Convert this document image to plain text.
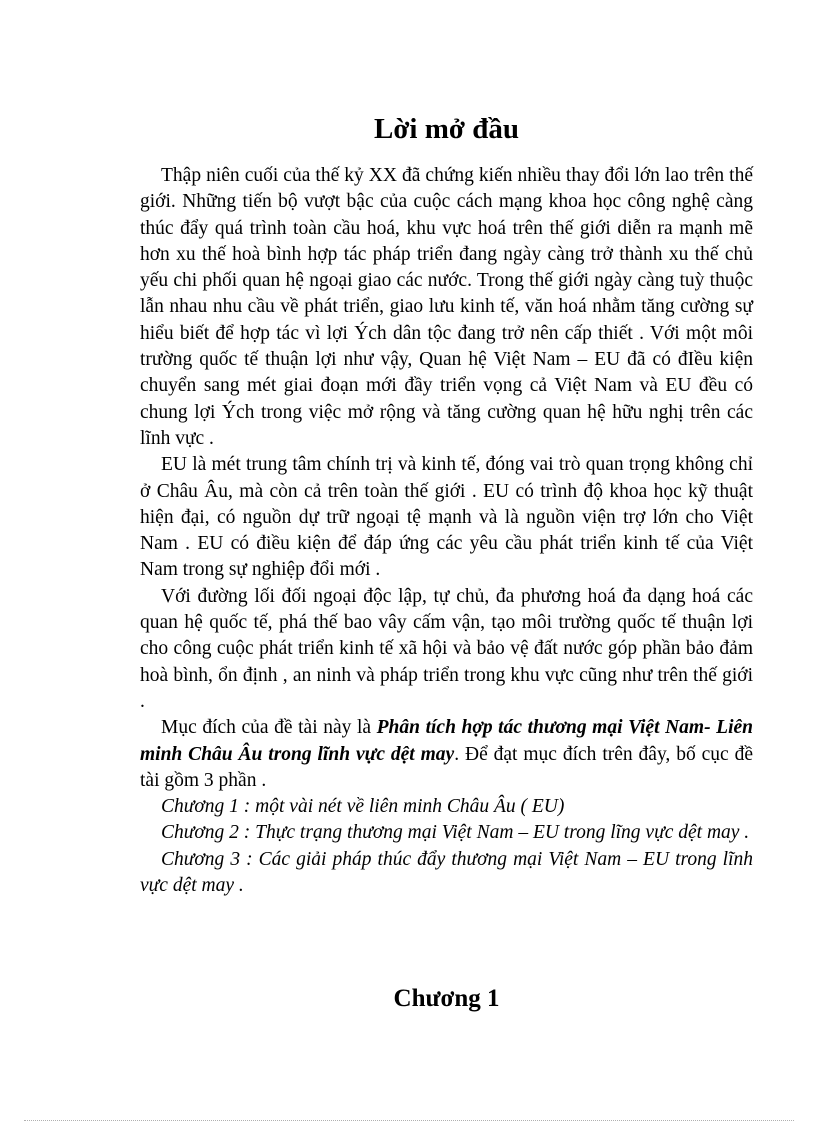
Lời mở đầu

Thập niên cuối của thế kỷ XX đã chứng kiến nhiều thay đổi lớn lao trên thế giới. Những tiến bộ vượt bậc của cuộc cách mạng khoa học công nghệ càng thúc đẩy quá trình toàn cầu hoá, khu vực hoá trên thế giới diễn ra mạnh mẽ hơn xu thế hoà bình hợp tác pháp triển đang ngày càng trở thành xu thế chủ yếu chi phối quan hệ ngoại giao các nước. Trong thế giới ngày càng tuỳ thuộc lẫn nhau nhu cầu về phát triển, giao lưu kinh tế, văn hoá nhằm tăng cường sự hiểu biết để hợp tác vì lợi Ých dân tộc đang trở nên cấp thiết . Với một môi trường quốc tế thuận lợi như vậy, Quan hệ Việt Nam – EU đã có đIều kiện chuyển sang mét giai đoạn mới đầy triển vọng cả Việt Nam và EU đều có chung lợi Ých trong việc mở rộng và tăng cường quan hệ hữu nghị trên các lĩnh vực .

EU là mét trung tâm chính trị và kinh tế, đóng vai trò quan trọng không chỉ ở Châu Âu, mà còn cả trên toàn thế giới . EU có trình độ khoa học kỹ thuật hiện đại, có nguồn dự trữ ngoại tệ mạnh và là nguồn viện trợ lớn cho Việt Nam . EU có điều kiện để đáp ứng các yêu cầu phát triển kinh tế của Việt Nam trong sự nghiệp đổi mới .

Với đường lối đối ngoại độc lập, tự chủ, đa phương hoá đa dạng hoá các quan hệ quốc tế, phá thế bao vây cấm vận, tạo môi trường quốc tế thuận lợi cho công cuộc phát triển kinh tế xã hội và bảo vệ đất nước góp phần bảo đảm hoà bình, ổn định , an ninh và pháp triển trong khu vực cũng như trên thế giới .

Mục đích của đề tài này là Phân tích hợp tác thương mại Việt Nam- Liên minh Châu Âu trong lĩnh vực dệt may. Để đạt mục đích trên đây, bố cục đề tài gồm 3 phần .

Chương 1 : một vài nét về liên minh Châu Âu ( EU)

Chương 2 : Thực trạng thương mại Việt Nam – EU trong lĩng vực dệt may .

Chương 3 : Các giải pháp thúc đẩy thương mại Việt Nam – EU trong lĩnh vực dệt may .

Chương 1
